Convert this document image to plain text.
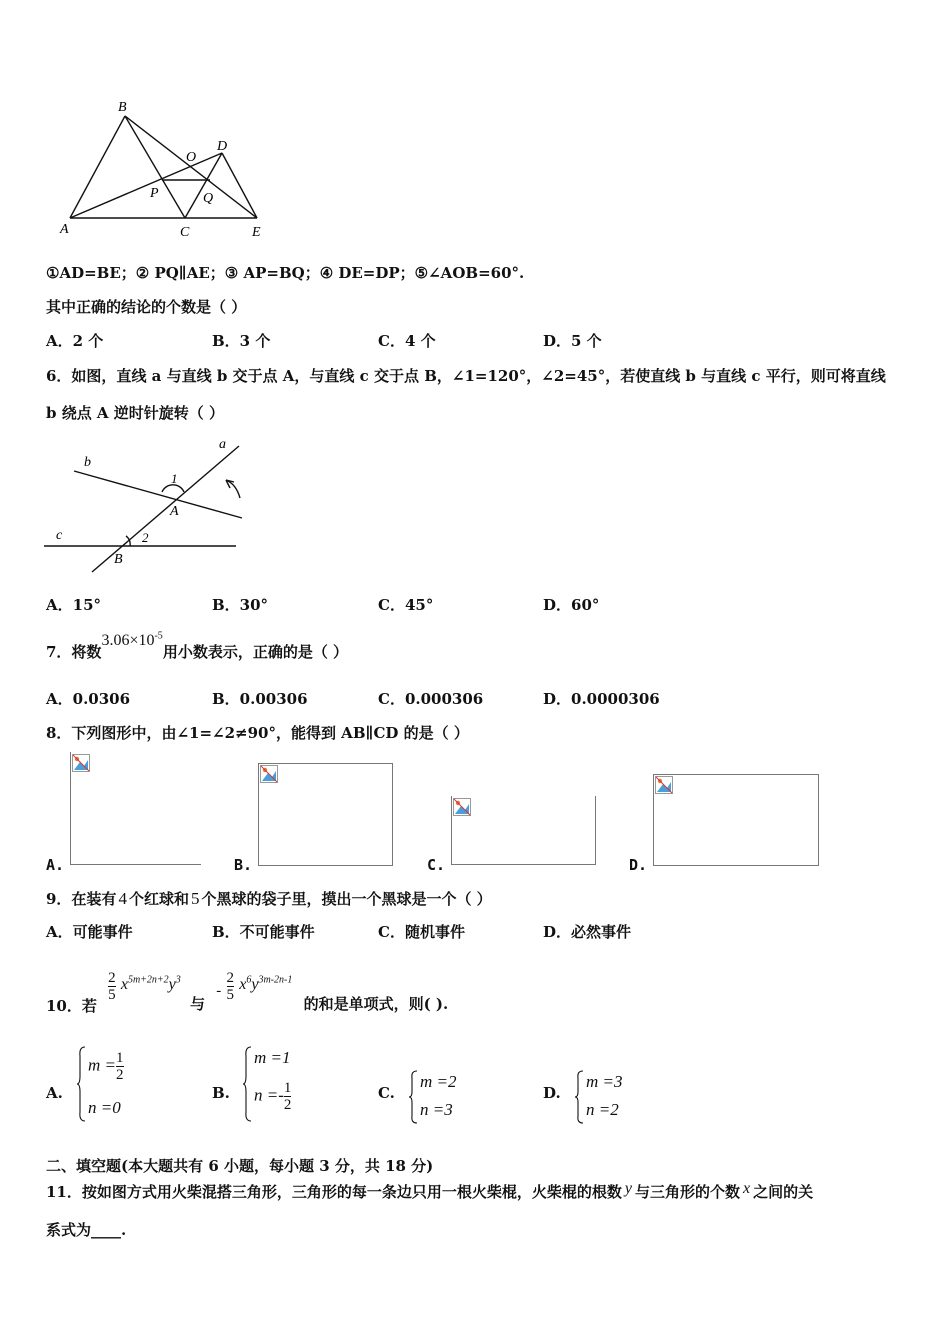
B
O
D
P	Q
A	C	E
①AD=BE；② PQ∥AE；③ AP=BQ；④ DE=DP；⑤∠AOB=60°.
其中正确的结论的个数是（ ）
A．2 个	B．3 个	C．4 个	D．5 个
6．如图，直线 a 与直线 b 交于点 A，与直线 c 交于点 B，∠1=120°，∠2=45°，若使直线 b 与直线 c 平行，则可将直线
b 绕点 A 逆时针旋转（ ）
a
b
1
A
c	2
B
A．15°	B．30°	C．45°	D．60°
7．将数$3.06\times 10^{-5}$用小数表示，正确的是（ ）
A．0.0306	B．0.00306	C．0.000306	D．0.0000306
8．下列图形中，由∠1=∠2≠90°，能得到 AB∥CD 的是（ ）
A.	B.	C.	D.
9．在装有 4 个红球和 5 个黑球的袋子里，摸出一个黑球是一个（ ）
A．可能事件	B．不可能事件	C．随机事件	D．必然事件
10．若
$\frac{2}{5} x^{5m+2n+2}y^3$ 与 - $\frac{2}{5} x^6y^{3m-2n-1}$ 的和是单项式，则( ).
A.
$m = \frac{1}{2}$
n =0
B.
m =1
$n =- \frac{1}{2}$	C.
m =2
n =3
D.
m =3
n =2
二、填空题(本大题共有 6 小题，每小题 3 分，共 18 分)
11．按如图方式用火柴混搭三角形，三角形的每一条边只用一根火柴棍，火柴棍的根数 y 与三角形的个数 x 之间的关
系式为____.
